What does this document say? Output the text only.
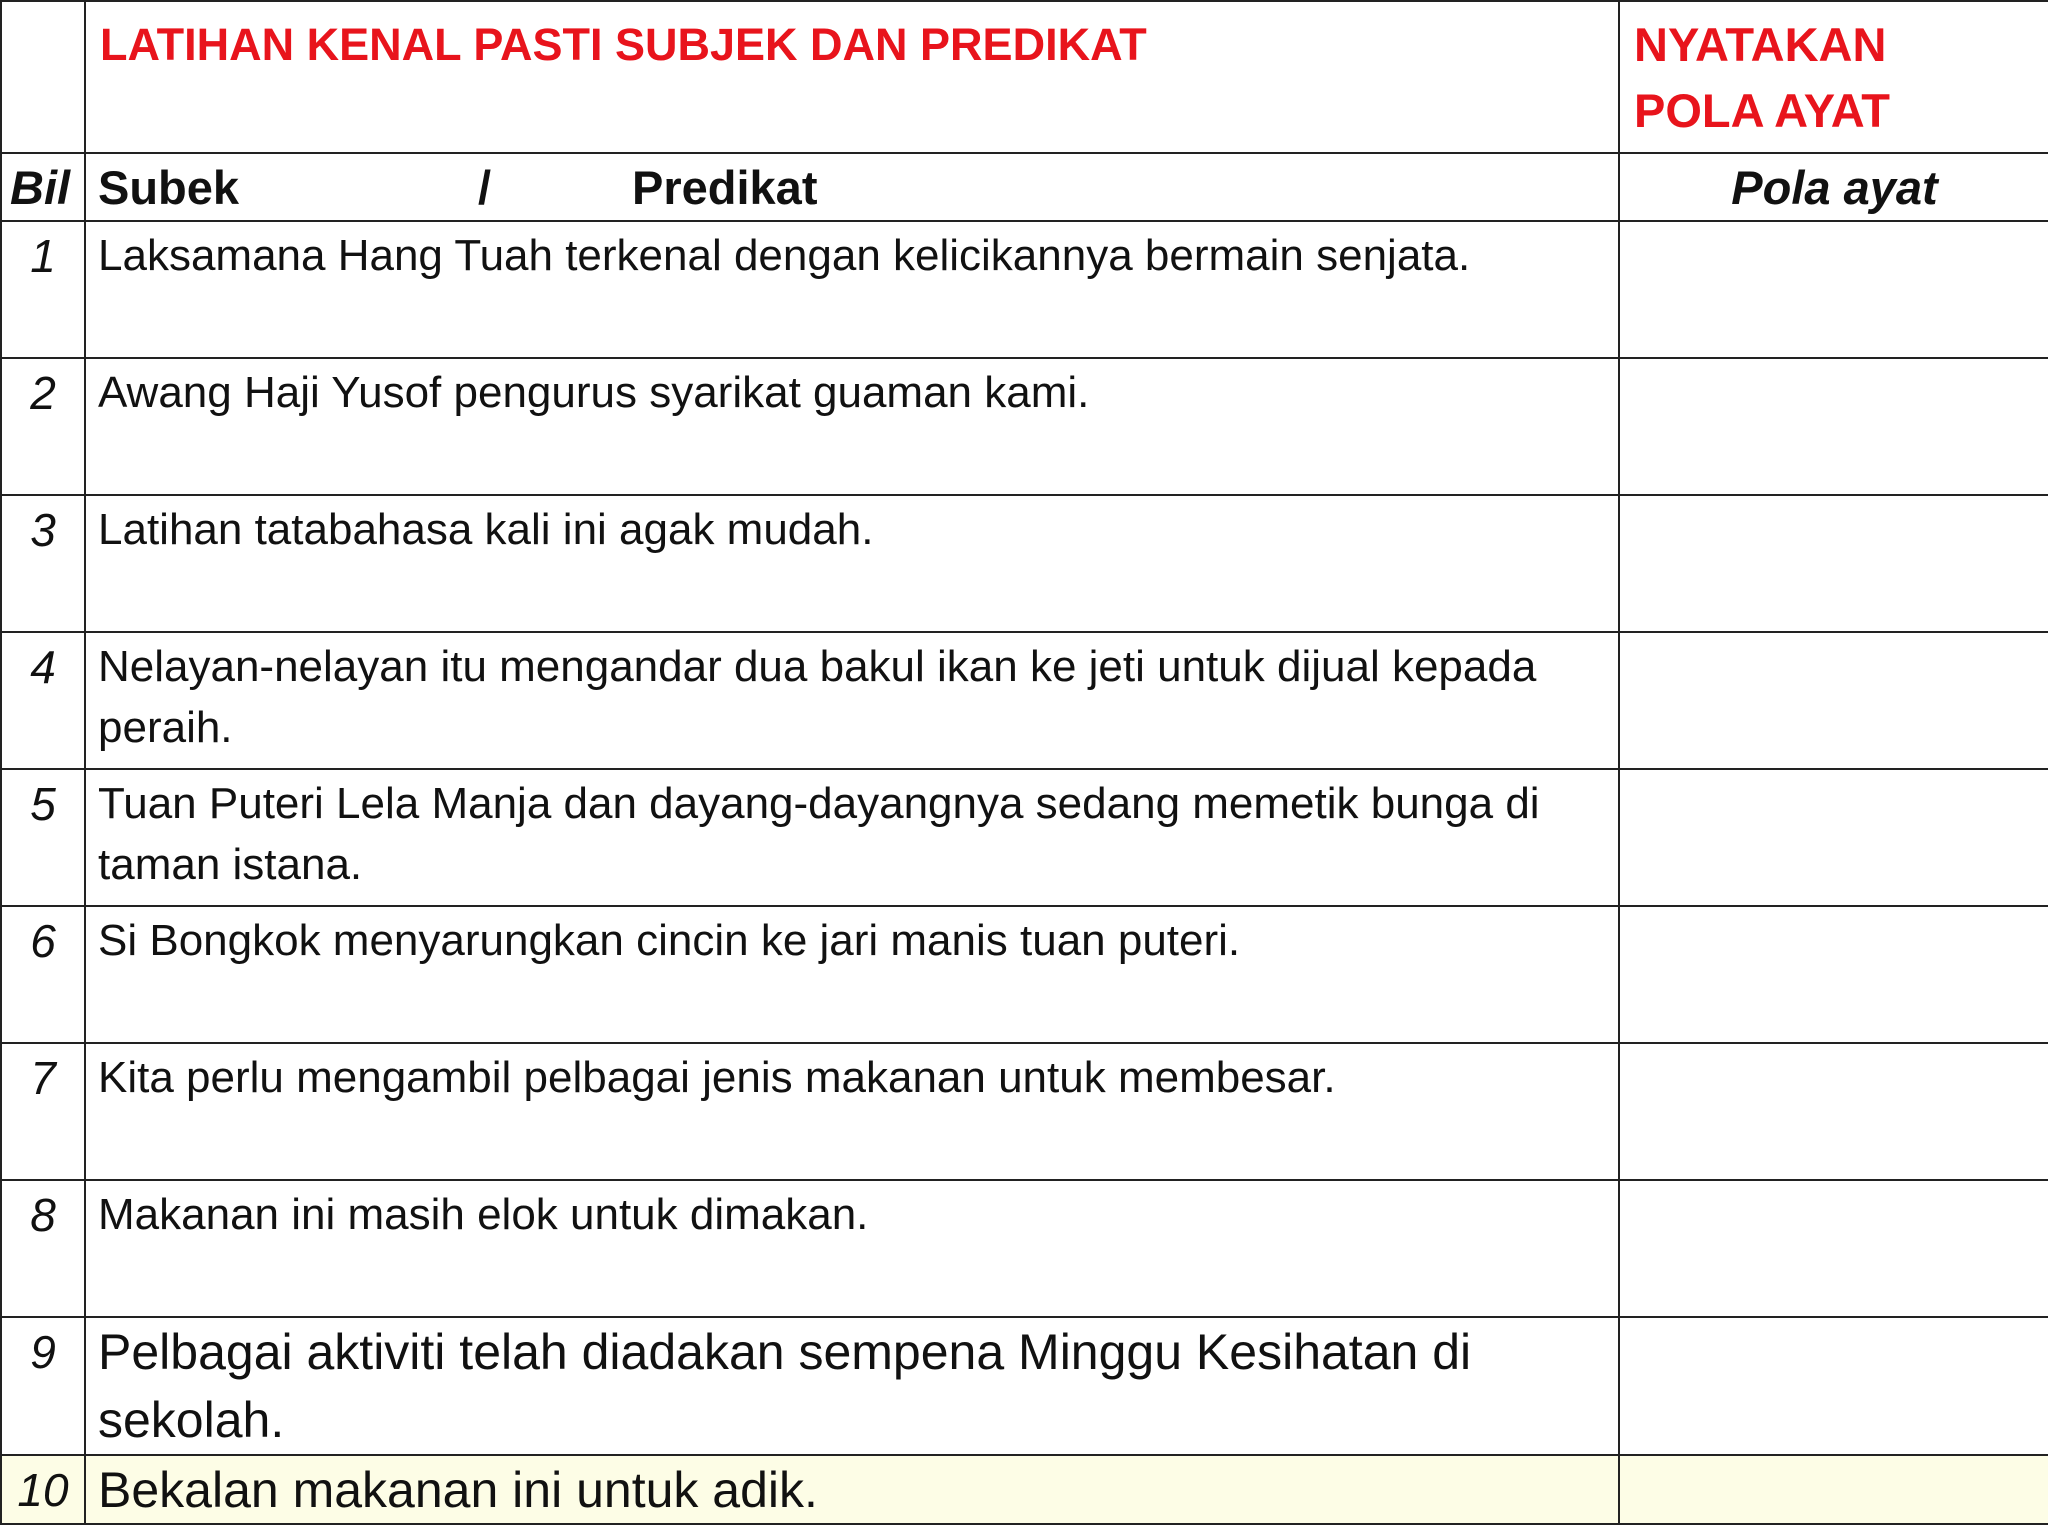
	LATIHAN KENAL PASTI SUBJEK DAN PREDIKAT	NYATAKAN POLA AYAT

Bil	Subek / Predikat	Pola ayat

1	Laksamana Hang Tuah terkenal dengan kelicikannya bermain senjata.	

2	Awang Haji Yusof pengurus syarikat guaman kami.	

3	Latihan tatabahasa kali ini agak mudah.	

4	Nelayan-nelayan itu mengandar dua bakul ikan ke jeti untuk dijual kepada peraih.	

5	Tuan Puteri Lela Manja dan dayang-dayangnya sedang memetik bunga di taman istana.	

6	Si Bongkok menyarungkan cincin ke jari manis tuan puteri.	

7	Kita perlu mengambil pelbagai jenis makanan untuk membesar.	

8	Makanan ini masih elok untuk dimakan.	

9	Pelbagai aktiviti telah diadakan sempena Minggu Kesihatan di sekolah.	

10	Bekalan makanan ini untuk adik.	
